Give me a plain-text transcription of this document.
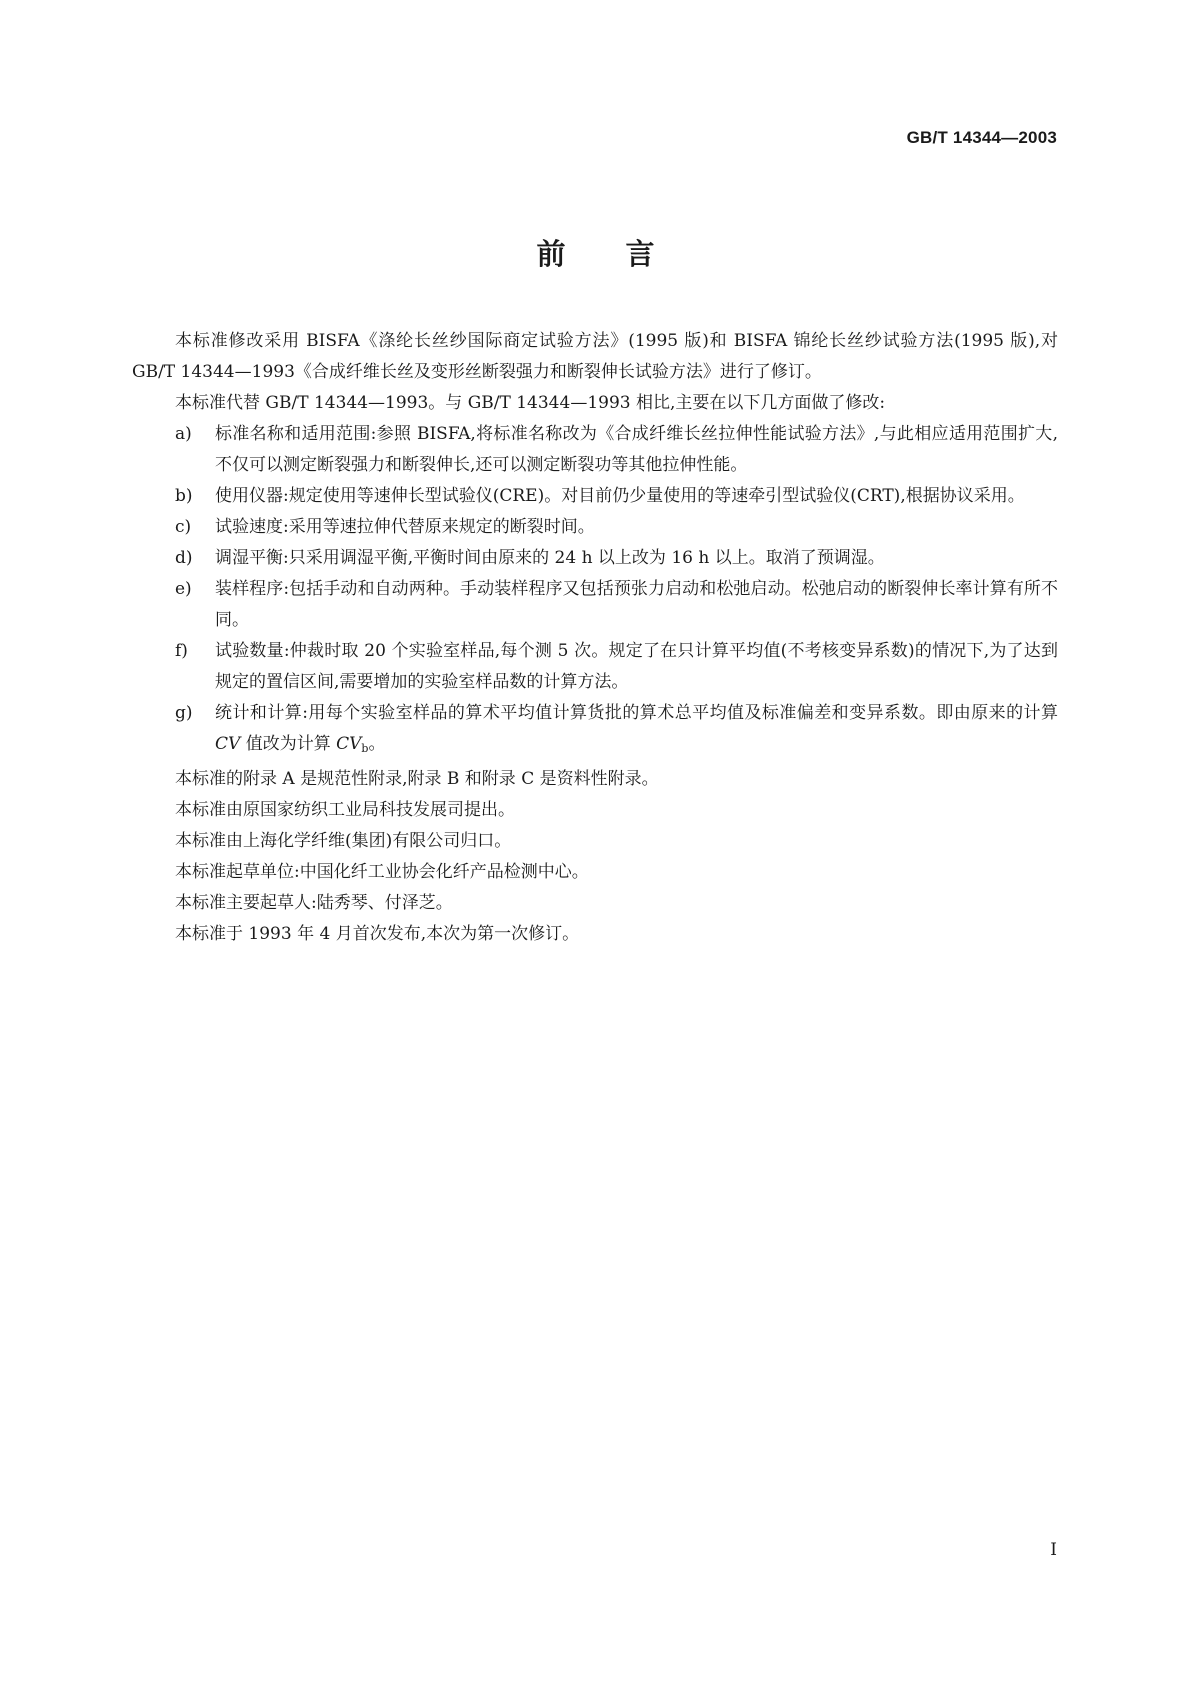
GB/T 14344—2003
前言

本标准修改采用 BISFA《涤纶长丝纱国际商定试验方法》(1995 版)和 BISFA 锦纶长丝纱试验方法(1995 版),对 GB/T 14344—1993《合成纤维长丝及变形丝断裂强力和断裂伸长试验方法》进行了修订。

本标准代替 GB/T 14344—1993。与 GB/T 14344—1993 相比,主要在以下几方面做了修改:

a)	标准名称和适用范围:参照 BISFA,将标准名称改为《合成纤维长丝拉伸性能试验方法》,与此相应适用范围扩大,不仅可以测定断裂强力和断裂伸长,还可以测定断裂功等其他拉伸性能。
b)	使用仪器:规定使用等速伸长型试验仪(CRE)。对目前仍少量使用的等速牵引型试验仪(CRT),根据协议采用。
c)	试验速度:采用等速拉伸代替原来规定的断裂时间。
d)	调湿平衡:只采用调湿平衡,平衡时间由原来的 24 h 以上改为 16 h 以上。取消了预调湿。
e)	装样程序:包括手动和自动两种。手动装样程序又包括预张力启动和松弛启动。松弛启动的断裂伸长率计算有所不同。
f)	试验数量:仲裁时取 20 个实验室样品,每个测 5 次。规定了在只计算平均值(不考核变异系数)的情况下,为了达到规定的置信区间,需要增加的实验室样品数的计算方法。
g)	统计和计算:用每个实验室样品的算术平均值计算货批的算术总平均值及标准偏差和变异系数。即由原来的计算 CV 值改为计算 $CV_b$。

本标准的附录 A 是规范性附录,附录 B 和附录 C 是资料性附录。

本标准由原国家纺织工业局科技发展司提出。

本标准由上海化学纤维(集团)有限公司归口。

本标准起草单位:中国化纤工业协会化纤产品检测中心。

本标准主要起草人:陆秀琴、付泽芝。

本标准于 1993 年 4 月首次发布,本次为第一次修订。

I
